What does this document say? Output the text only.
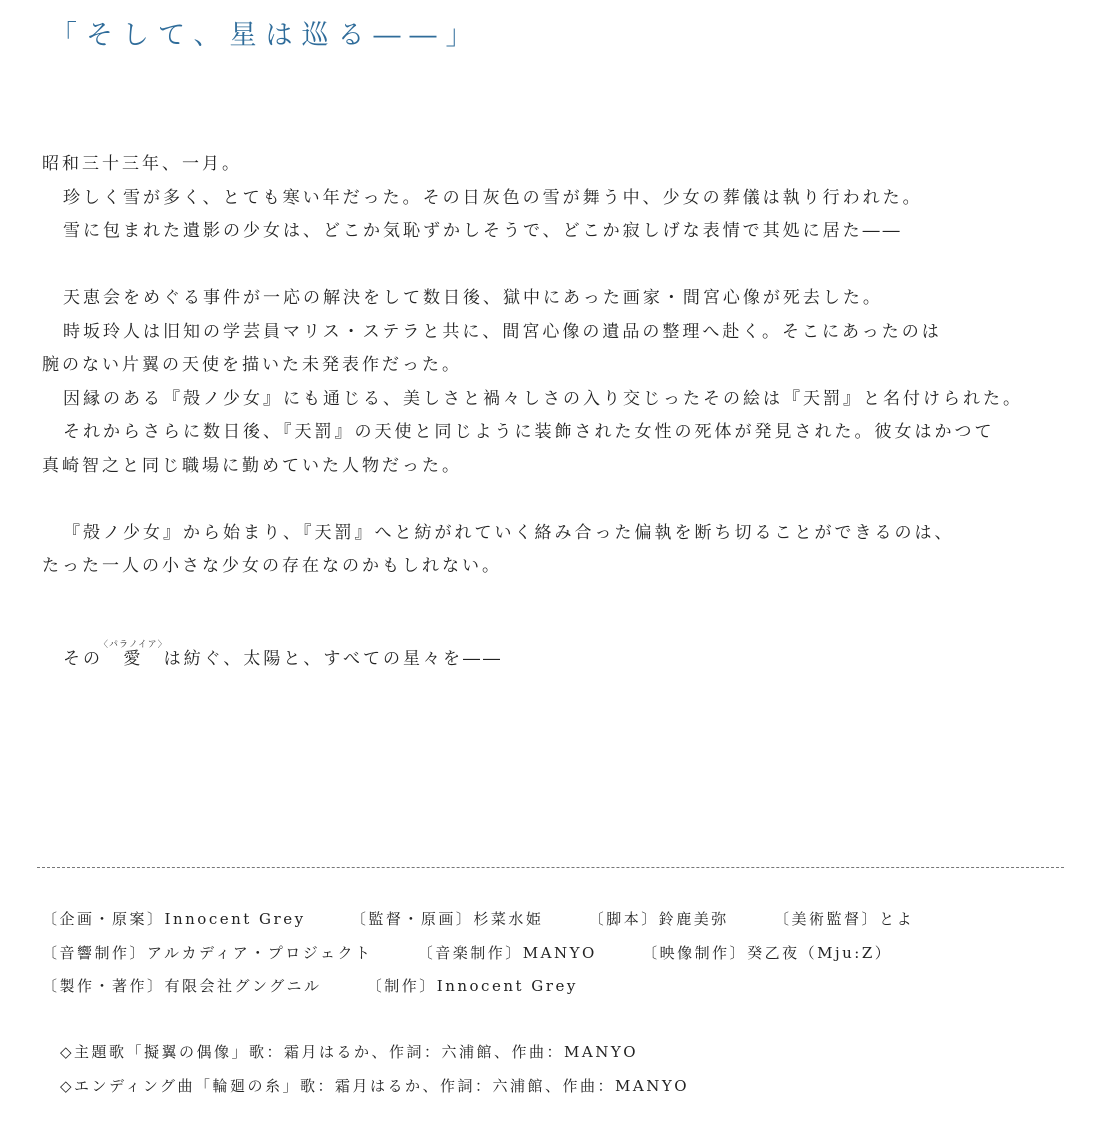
「そして、星は巡る――」
昭和三十三年、一月。
珍しく雪が多く、とても寒い年だった。その日灰色の雪が舞う中、少女の葬儀は執り行われた。
雪に包まれた遺影の少女は、どこか気恥ずかしそうで、どこか寂しげな表情で其処に居た――
天恵会をめぐる事件が一応の解決をして数日後、獄中にあった画家・間宮心像が死去した。
時坂玲人は旧知の学芸員マリス・ステラと共に、間宮心像の遺品の整理へ赴く。そこにあったのは
腕のない片翼の天使を描いた未発表作だった。
因縁のある『殻ノ少女』にも通じる、美しさと禍々しさの入り交じったその絵は『天罰』と名付けられた。
それからさらに数日後、『天罰』の天使と同じように装飾された女性の死体が発見された。彼女はかつて
真崎智之と同じ職場に勤めていた人物だった。
『殻ノ少女』から始まり、『天罰』へと紡がれていく絡み合った偏執を断ち切ることができるのは、
たった一人の小さな少女の存在なのかもしれない。
その愛〈パラノイア〉は紡ぐ、太陽と、すべての星々を――
〔 企画・原案 〕 Innocent Grey	〔 監督・原画 〕 杉菜水姫	〔 脚本 〕 鈴鹿美弥	〔 美術監督 〕 とよ
〔 音響制作 〕 アルカディア・プロジェクト	〔 音楽制作 〕 MANYO	〔 映像制作 〕 癸乙夜（Mju:Z）
〔 製作・著作 〕 有限会社グングニル	〔 制作 〕 Innocent Grey
◇主題歌「擬翼の偶像」歌：霜月はるか、作詞：六浦館、作曲：MANYO
◇エンディング曲「輪廻の糸」歌：霜月はるか、作詞：六浦館、作曲：MANYO
